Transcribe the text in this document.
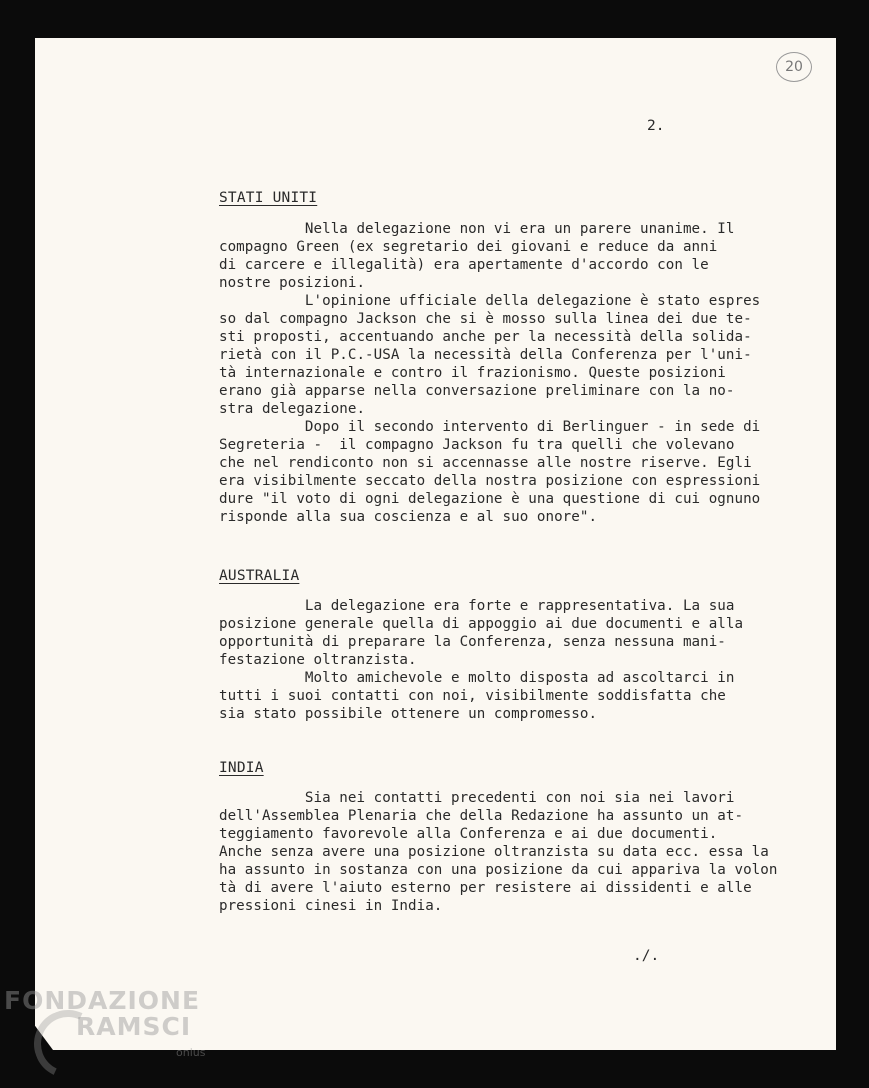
20
2.
STATI UNITI
Nella delegazione non vi era un parere unanime. Il
compagno Green (ex segretario dei giovani e reduce da anni
di carcere e illegalità) era apertamente d'accordo con le
nostre posizioni.
L'opinione ufficiale della delegazione è stato espres
so dal compagno Jackson che si è mosso sulla linea dei due te-
sti proposti, accentuando anche per la necessità della solida-
rietà con il P.C.-USA la necessità della Conferenza per l'uni-
tà internazionale e contro il frazionismo. Queste posizioni
erano già apparse nella conversazione preliminare con la no-
stra delegazione.
Dopo il secondo intervento di Berlinguer - in sede di
Segreteria -  il compagno Jackson fu tra quelli che volevano
che nel rendiconto non si accennasse alle nostre riserve. Egli
era visibilmente seccato della nostra posizione con espressioni
dure "il voto di ogni delegazione è una questione di cui ognuno
risponde alla sua coscienza e al suo onore".
AUSTRALIA
La delegazione era forte e rappresentativa. La sua
posizione generale quella di appoggio ai due documenti e alla
opportunità di preparare la Conferenza, senza nessuna mani-
festazione oltranzista.
Molto amichevole e molto disposta ad ascoltarci in
tutti i suoi contatti con noi, visibilmente soddisfatta che
sia stato possibile ottenere un compromesso.
INDIA
Sia nei contatti precedenti con noi sia nei lavori
dell'Assemblea Plenaria che della Redazione ha assunto un at-
teggiamento favorevole alla Conferenza e ai due documenti.
Anche senza avere una posizione oltranzista su data ecc. essa la
ha assunto in sostanza con una posizione da cui appariva la volon
tà di avere l'aiuto esterno per resistere ai dissidenti e alle
pressioni cinesi in India.
./.
FONDAZIONE
RAMSCI
onlus
